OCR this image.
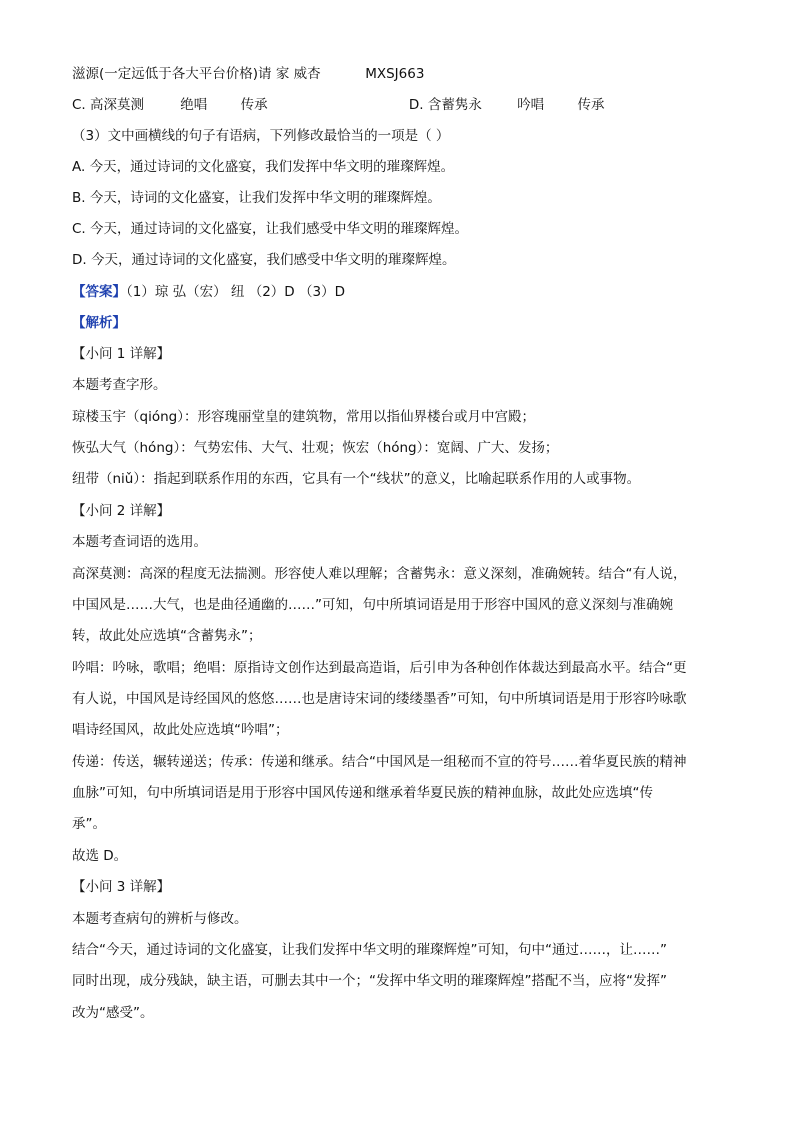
滋源(一定远低于各大平台价格)请 家 威杏	MXSJ663
C. 高深莫测	绝唱 传承	D. 含蓄隽永	吟唱 传承
（3）文中画横线的句子有语病，下列修改最恰当的一项是（ ）
A. 今天，通过诗词的文化盛宴，我们发挥中华文明的璀璨辉煌。
B. 今天，诗词的文化盛宴，让我们发挥中华文明的璀璨辉煌。
C. 今天，通过诗词的文化盛宴，让我们感受中华文明的璀璨辉煌。
D. 今天，通过诗词的文化盛宴，我们感受中华文明的璀璨辉煌。
【答案】（1）琼 弘（宏） 纽 （2）D （3）D
【解析】
【小问 1 详解】
本题考查字形。
琼楼玉宇（qióng）：形容瑰丽堂皇的建筑物，常用以指仙界楼台或月中宫殿；
恢弘大气（hóng）：气势宏伟、大气、壮观；恢宏（hóng）：宽阔、广大、发扬；
纽带（niǔ）：指起到联系作用的东西，它具有一个“线状”的意义，比喻起联系作用的人或事物。
【小问 2 详解】
本题考查词语的选用。
高深莫测：高深的程度无法揣测。形容使人难以理解；含蓄隽永：意义深刻，准确婉转。结合“有人说，
中国风是……大气，也是曲径通幽的……”可知，句中所填词语是用于形容中国风的意义深刻与准确婉
转，故此处应选填“含蓄隽永”；
吟唱：吟咏，歌唱；绝唱：原指诗文创作达到最高造诣，后引申为各种创作体裁达到最高水平。结合“更
有人说，中国风是诗经国风的悠悠……也是唐诗宋词的缕缕墨香”可知，句中所填词语是用于形容吟咏歌
唱诗经国风，故此处应选填“吟唱”；
传递：传送，辗转递送；传承：传递和继承。结合“中国风是一组秘而不宣的符号……着华夏民族的精神
血脉”可知，句中所填词语是用于形容中国风传递和继承着华夏民族的精神血脉，故此处应选填“传
承”。
故选 D。
【小问 3 详解】
本题考查病句的辨析与修改。
结合“今天，通过诗词的文化盛宴，让我们发挥中华文明的璀璨辉煌”可知，句中“通过……，让……”
同时出现，成分残缺，缺主语，可删去其中一个；“发挥中华文明的璀璨辉煌”搭配不当，应将“发挥”
改为“感受”。
